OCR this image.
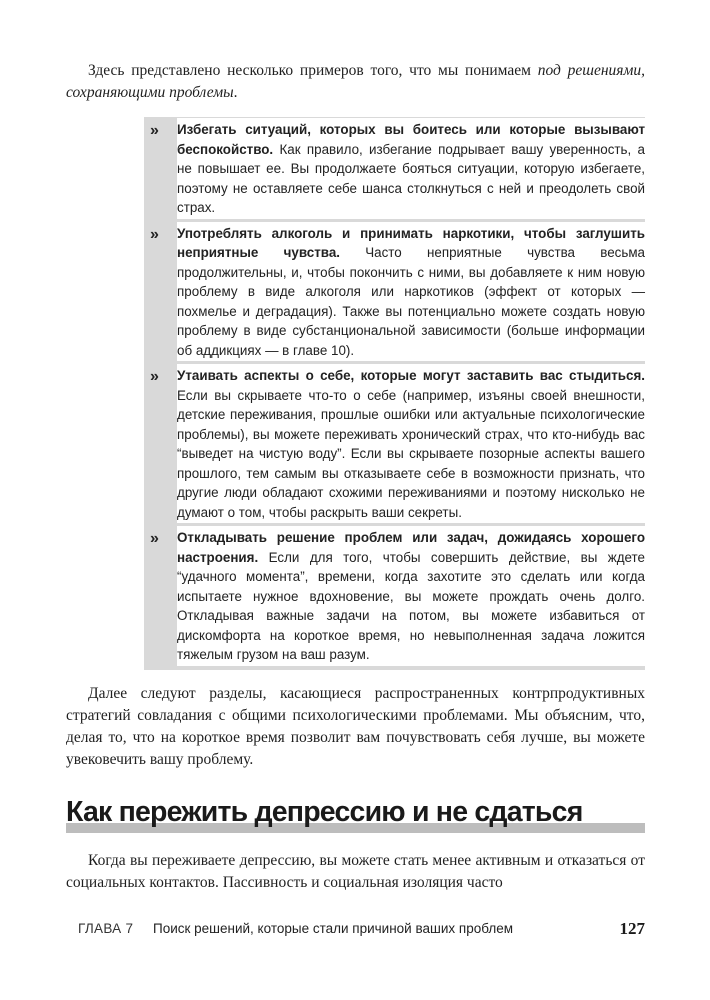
Здесь представлено несколько примеров того, что мы понимаем под решениями, сохраняющими проблемы.

» Избегать ситуаций, которых вы боитесь или которые вызывают беспокойство. Как правило, избегание подрывает вашу уверенность, а не повышает ее. Вы продолжаете бояться ситуации, которую избегаете, поэтому не оставляете себе шанса столкнуться с ней и преодолеть свой страх.
» Употреблять алкоголь и принимать наркотики, чтобы заглушить неприятные чувства. Часто неприятные чувства весьма продолжительны, и, чтобы покончить с ними, вы добавляете к ним новую проблему в виде алкоголя или наркотиков (эффект от которых — похмелье и деградация). Также вы потенциально можете создать новую проблему в виде субстанциональной зависимости (больше информации об аддикциях — в главе 10).
» Утаивать аспекты о себе, которые могут заставить вас стыдиться. Если вы скрываете что-то о себе (например, изъяны своей внешности, детские переживания, прошлые ошибки или актуальные психологические проблемы), вы можете переживать хронический страх, что кто-нибудь вас “выведет на чистую воду”. Если вы скрываете позорные аспекты вашего прошлого, тем самым вы отказываете себе в возможности признать, что другие люди обладают схожими переживаниями и поэтому нисколько не думают о том, чтобы раскрыть ваши секреты.
» Откладывать решение проблем или задач, дожидаясь хорошего настроения. Если для того, чтобы совершить действие, вы ждете “удачного момента”, времени, когда захотите это сделать или когда испытаете нужное вдохновение, вы можете прождать очень долго. Откладывая важные задачи на потом, вы можете избавиться от дискомфорта на короткое время, но невыполненная задача ложится тяжелым грузом на ваш разум.

Далее следуют разделы, касающиеся распространенных контрпродуктивных стратегий совладания с общими психологическими проблемами. Мы объясним, что, делая то, что на короткое время позволит вам почувствовать себя лучше, вы можете увековечить вашу проблему.

Как пережить депрессию и не сдаться

Когда вы переживаете депрессию, вы можете стать менее активным и отказаться от социальных контактов. Пассивность и социальная изоляция часто

ГЛАВА 7 Поиск решений, которые стали причиной ваших проблем	127
